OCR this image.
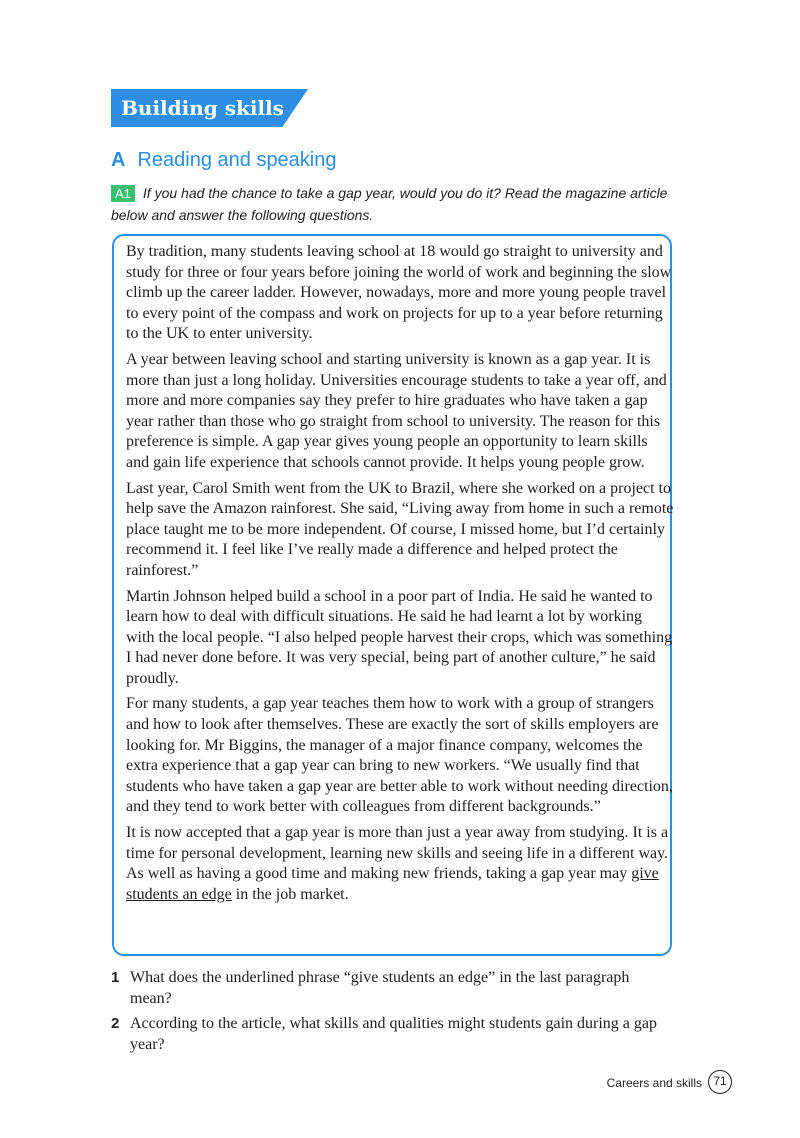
Building skills
A Reading and speaking
A1 If you had the chance to take a gap year, would you do it? Read the magazine article below and answer the following questions.

By tradition, many students leaving school at 18 would go straight to university and study for three or four years before joining the world of work and beginning the slow climb up the career ladder. However, nowadays, more and more young people travel to every point of the compass and work on projects for up to a year before returning to the UK to enter university.

A year between leaving school and starting university is known as a gap year. It is more than just a long holiday. Universities encourage students to take a year off, and more and more companies say they prefer to hire graduates who have taken a gap year rather than those who go straight from school to university. The reason for this preference is simple. A gap year gives young people an opportunity to learn skills and gain life experience that schools cannot provide. It helps young people grow.

Last year, Carol Smith went from the UK to Brazil, where she worked on a project to help save the Amazon rainforest. She said, “Living away from home in such a remote place taught me to be more independent. Of course, I missed home, but I’d certainly recommend it. I feel like I’ve really made a difference and helped protect the rainforest.”

Martin Johnson helped build a school in a poor part of India. He said he wanted to learn how to deal with difficult situations. He said he had learnt a lot by working with the local people. “I also helped people harvest their crops, which was something I had never done before. It was very special, being part of another culture,” he said proudly.

For many students, a gap year teaches them how to work with a group of strangers and how to look after themselves. These are exactly the sort of skills employers are looking for. Mr Biggins, the manager of a major finance company, welcomes the extra experience that a gap year can bring to new workers. “We usually find that students who have taken a gap year are better able to work without needing direction, and they tend to work better with colleagues from different backgrounds.”

It is now accepted that a gap year is more than just a year away from studying. It is a time for personal development, learning new skills and seeing life in a different way. As well as having a good time and making new friends, taking a gap year may give students an edge in the job market.

1 What does the underlined phrase “give students an edge” in the last paragraph mean?
2 According to the article, what skills and qualities might students gain during a gap year?
Careers and skills 71
